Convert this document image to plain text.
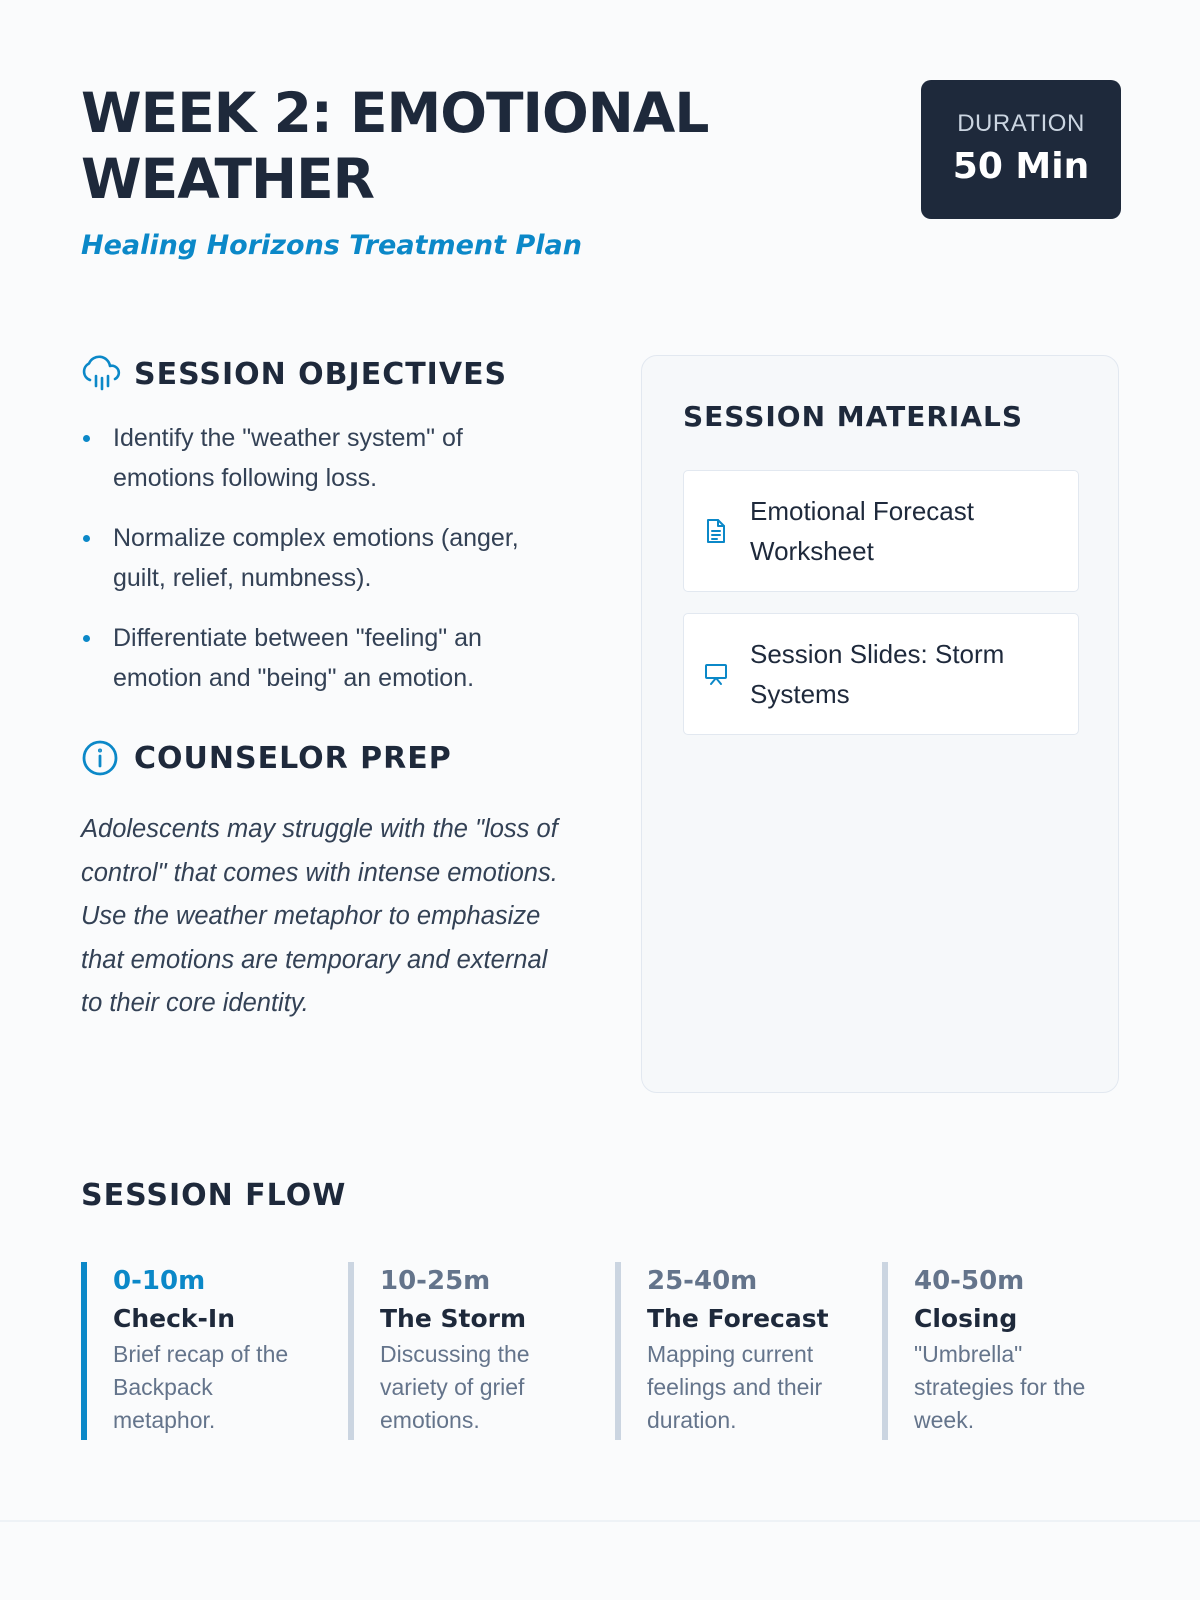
WEEK 2: EMOTIONAL WEATHER

Healing Horizons Treatment Plan

DURATION
50 Min
SESSION OBJECTIVES
Identify the "weather system" of emotions following loss.
Normalize complex emotions (anger, guilt, relief, numbness).
Differentiate between "feeling" an emotion and "being" an emotion.
COUNSELOR PREP

Adolescents may struggle with the "loss of control" that comes with intense emotions. Use the weather metaphor to emphasize that emotions are temporary and external to their core identity.

SESSION MATERIALS
Emotional Forecast Worksheet
Session Slides: Storm Systems
SESSION FLOW
0-10m
Check-In
Brief recap of the Backpack metaphor.
10-25m
The Storm
Discussing the variety of grief emotions.
25-40m
The Forecast
Mapping current feelings and their duration.
40-50m
Closing
"Umbrella" strategies for the week.
